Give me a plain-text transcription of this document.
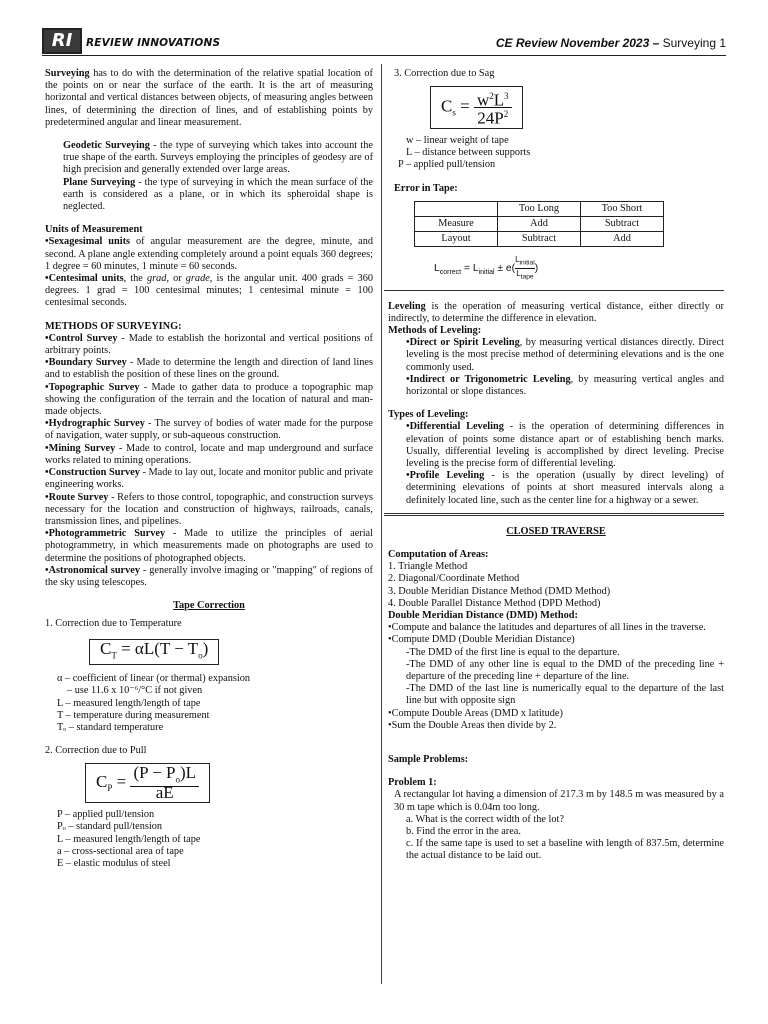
RI	REVIEW INNOVATIONS	CE Review November 2023 – Surveying 1

Surveying has to do with the determination of the relative spatial location of the points on or near the surface of the earth. It is the art of measuring horizontal and vertical distances between objects, of measuring angles between lines, of determining the direction of lines, and of establishing points by predetermined angular and linear measurement.

Geodetic Surveying - the type of surveying which takes into account the true shape of the earth. Surveys employing the principles of geodesy are of high precision and generally extended over large areas.

Plane Surveying - the type of surveying in which the mean surface of the earth is considered as a plane, or in which its spheroidal shape is neglected.

Units of Measurement

•Sexagesimal units of angular measurement are the degree, minute, and second. A plane angle extending completely around a point equals 360 degrees; 1 degree = 60 minutes, 1 minute = 60 seconds.

•Centesimal units, the grad, or grade, is the angular unit. 400 grads = 360 degrees. 1 grad = 100 centesimal minutes; 1 centesimal minute = 100 centesimal seconds.

METHODS OF SURVEYING:

•Control Survey - Made to establish the horizontal and vertical positions of arbitrary points.

•Boundary Survey - Made to determine the length and direction of land lines and to establish the position of these lines on the ground.

•Topographic Survey - Made to gather data to produce a topographic map showing the configuration of the terrain and the location of natural and man-made objects.

•Hydrographic Survey - The survey of bodies of water made for the purpose of navigation, water supply, or sub-aqueous construction.

•Mining Survey - Made to control, locate and map underground and surface works related to mining operations.

•Construction Survey - Made to lay out, locate and monitor public and private engineering works.

•Route Survey - Refers to those control, topographic, and construction surveys necessary for the location and construction of highways, railroads, canals, transmission lines, and pipelines.

•Photogrammetric Survey - Made to utilize the principles of aerial photogrammetry, in which measurements made on photographs are used to determine the positions of photographed objects.

•Astronomical survey - generally involve imaging or "mapping" of regions of the sky using telescopes.

Tape Correction

1. Correction due to Temperature

$C_T = \alpha L(T - T_o)$

α – coefficient of linear (or thermal) expansion

– use 11.6 x 10⁻⁶/°C if not given

L – measured length/length of tape

T – temperature during measurement

Tₒ – standard temperature

2. Correction due to Pull

$C_P = \frac{(P - P_o)L}{aE}$

P – applied pull/tension

Pₒ – standard pull/tension

L – measured length/length of tape

a – cross-sectional area of tape

E – elastic modulus of steel

3. Correction due to Sag

$C_s = \frac{w^2L^3}{24P^2}$

w – linear weight of tape

L – distance between supports

P – applied pull/tension

Error in Tape:

	Too Long	Too Short
Measure	Add	Subtract
Layout	Subtract	Add
$L_{correct} = L_{initial} \pm e( \frac{L_{initial}}{L_{tape}}$ )

Leveling is the operation of measuring vertical distance, either directly or indirectly, to determine the difference in elevation.

Methods of Leveling:

•Direct or Spirit Leveling, by measuring vertical distances directly. Direct leveling is the most precise method of determining elevations and is the one commonly used.

•Indirect or Trigonometric Leveling, by measuring vertical angles and horizontal or slope distances.

Types of Leveling:

•Differential Leveling - is the operation of determining differences in elevation of points some distance apart or of establishing bench marks. Usually, differential leveling is accomplished by direct leveling. Precise leveling is the precise form of differential leveling.

•Profile Leveling - is the operation (usually by direct leveling) of determining elevations of points at short measured intervals along a definitely located line, such as the center line for a highway or a sewer.

CLOSED TRAVERSE

Computation of Areas:

1. Triangle Method

2. Diagonal/Coordinate Method

3. Double Meridian Distance Method (DMD Method)

4. Double Parallel Distance Method (DPD Method)

Double Meridian Distance (DMD) Method:

•Compute and balance the latitudes and departures of all lines in the traverse.

•Compute DMD (Double Meridian Distance)

-The DMD of the first line is equal to the departure.

-The DMD of any other line is equal to the DMD of the preceding line + departure of the preceding line + departure of the line.

-The DMD of the last line is numerically equal to the departure of the last line but with opposite sign

•Compute Double Areas (DMD x latitude)

•Sum the Double Areas then divide by 2.

Sample Problems:

Problem 1:

A rectangular lot having a dimension of 217.3 m by 148.5 m was measured by a 30 m tape which is 0.04m too long.

a. What is the correct width of the lot?

b. Find the error in the area.

c. If the same tape is used to set a baseline with length of 837.5m, determine the actual distance to be laid out.
